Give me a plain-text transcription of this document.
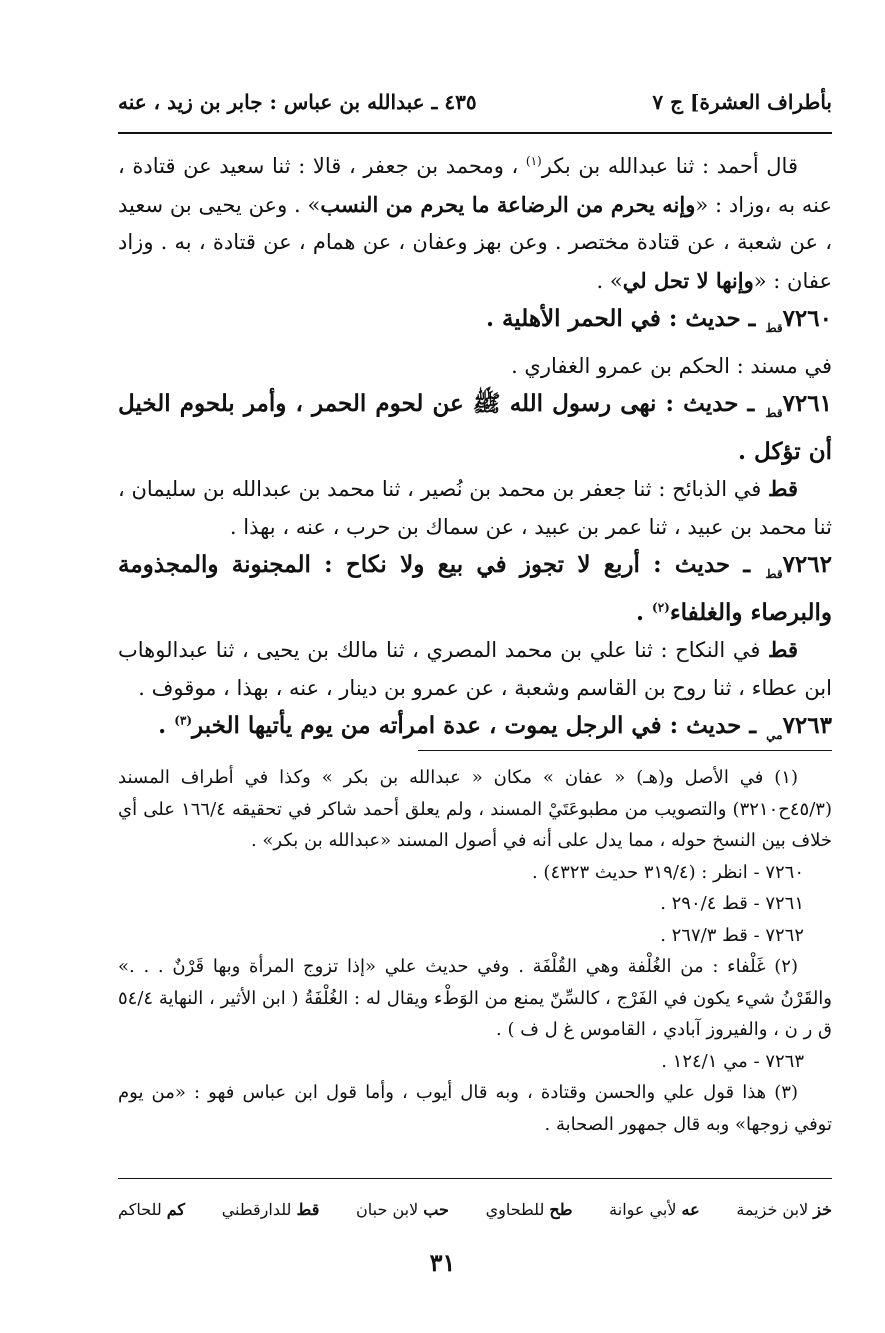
بأطراف العشرة] ج ٧
٤٣٥ ـ عبدالله بن عباس : جابر بن زيد ، عنه

قال أحمد : ثنا عبدالله بن بكر$^{(١)}$ ، ومحمد بن جعفر ، قالا : ثنا سعيد عن قتادة ، عنه به ،وزاد : «وإنه يحرم من الرضاعة ما يحرم من النسب» . وعن يحيى بن سعيد ، عن شعبة ، عن قتادة مختصر . وعن بهز وعفان ، عن همام ، عن قتادة ، به . وزاد عفان : «وإنها لا تحل لي» .

$٧٢٦٠_{قط}$ ـ حديث : في الحمر الأهلية .

في مسند : الحكم بن عمرو الغفاري .

$٧٢٦١_{قط}$ ـ حديث : نهى رسول الله ﷺ عن لحوم الحمر ، وأمر بلحوم الخيل أن تؤكل .

قط في الذبائح : ثنا جعفر بن محمد بن نُصير ، ثنا محمد بن عبدالله بن سليمان ، ثنا محمد بن عبيد ، ثنا عمر بن عبيد ، عن سماك بن حرب ، عنه ، بهذا .

$٧٢٦٢_{قط}$ ـ حديث : أربع لا تجوز في بيع ولا نكاح : المجنونة والمجذومة والبرصاء والغلفاء$^{(٢)}$ .

قط في النكاح : ثنا علي بن محمد المصري ، ثنا مالك بن يحيى ، ثنا عبدالوهاب ابن عطاء ، ثنا روح بن القاسم وشعبة ، عن عمرو بن دينار ، عنه ، بهذا ، موقوف .

$٧٢٦٣_{مي}$ ـ حديث : في الرجل يموت ، عدة امرأته من يوم يأتيها الخبر$^{(٣)}$ .

(١) في الأصل و(هـ) « عفان » مكان « عبدالله بن بكر » وكذا في أطراف المسند (٤٥/٣ح٣٢١٠) والتصويب من مطبوعَتَيْ المسند ، ولم يعلق أحمد شاكر في تحقيقه ١٦٦/٤ على أي خلاف بين النسخ حوله ، مما يدل على أنه في أصول المسند «عبدالله بن بكر» .

٧٢٦٠ - انظر : (٣١٩/٤ حديث ٤٣٢٣) .

٧٢٦١ - قط ٢٩٠/٤ .

٧٢٦٢ - قط ٢٦٧/٣ .

(٢) غَلْفاء : من الغُلْفة وهي القُلْفَة . وفي حديث علي «إذا تزوج المرأة وبها قَرْنٌ . . .» والقَرْنُ شيء يكون في الفَرْج ، كالسِّنّ يمنع من الوَطْء ويقال له : الغُلْفَةُ ( ابن الأثير ، النهاية ٥٤/٤ ق ر ن ، والفيروز آبادي ، القاموس غ ل ف ) .

٧٢٦٣ - مي ١٢٤/١ .

(٣) هذا قول علي والحسن وقتادة ، وبه قال أيوب ، وأما قول ابن عباس فهو : «من يوم توفي زوجها» وبه قال جمهور الصحابة .

خز لابن خزيمة
عه لأبي عوانة
طح للطحاوي
حب لابن حبان
قط للدارقطني
كم للحاكم
٣١
